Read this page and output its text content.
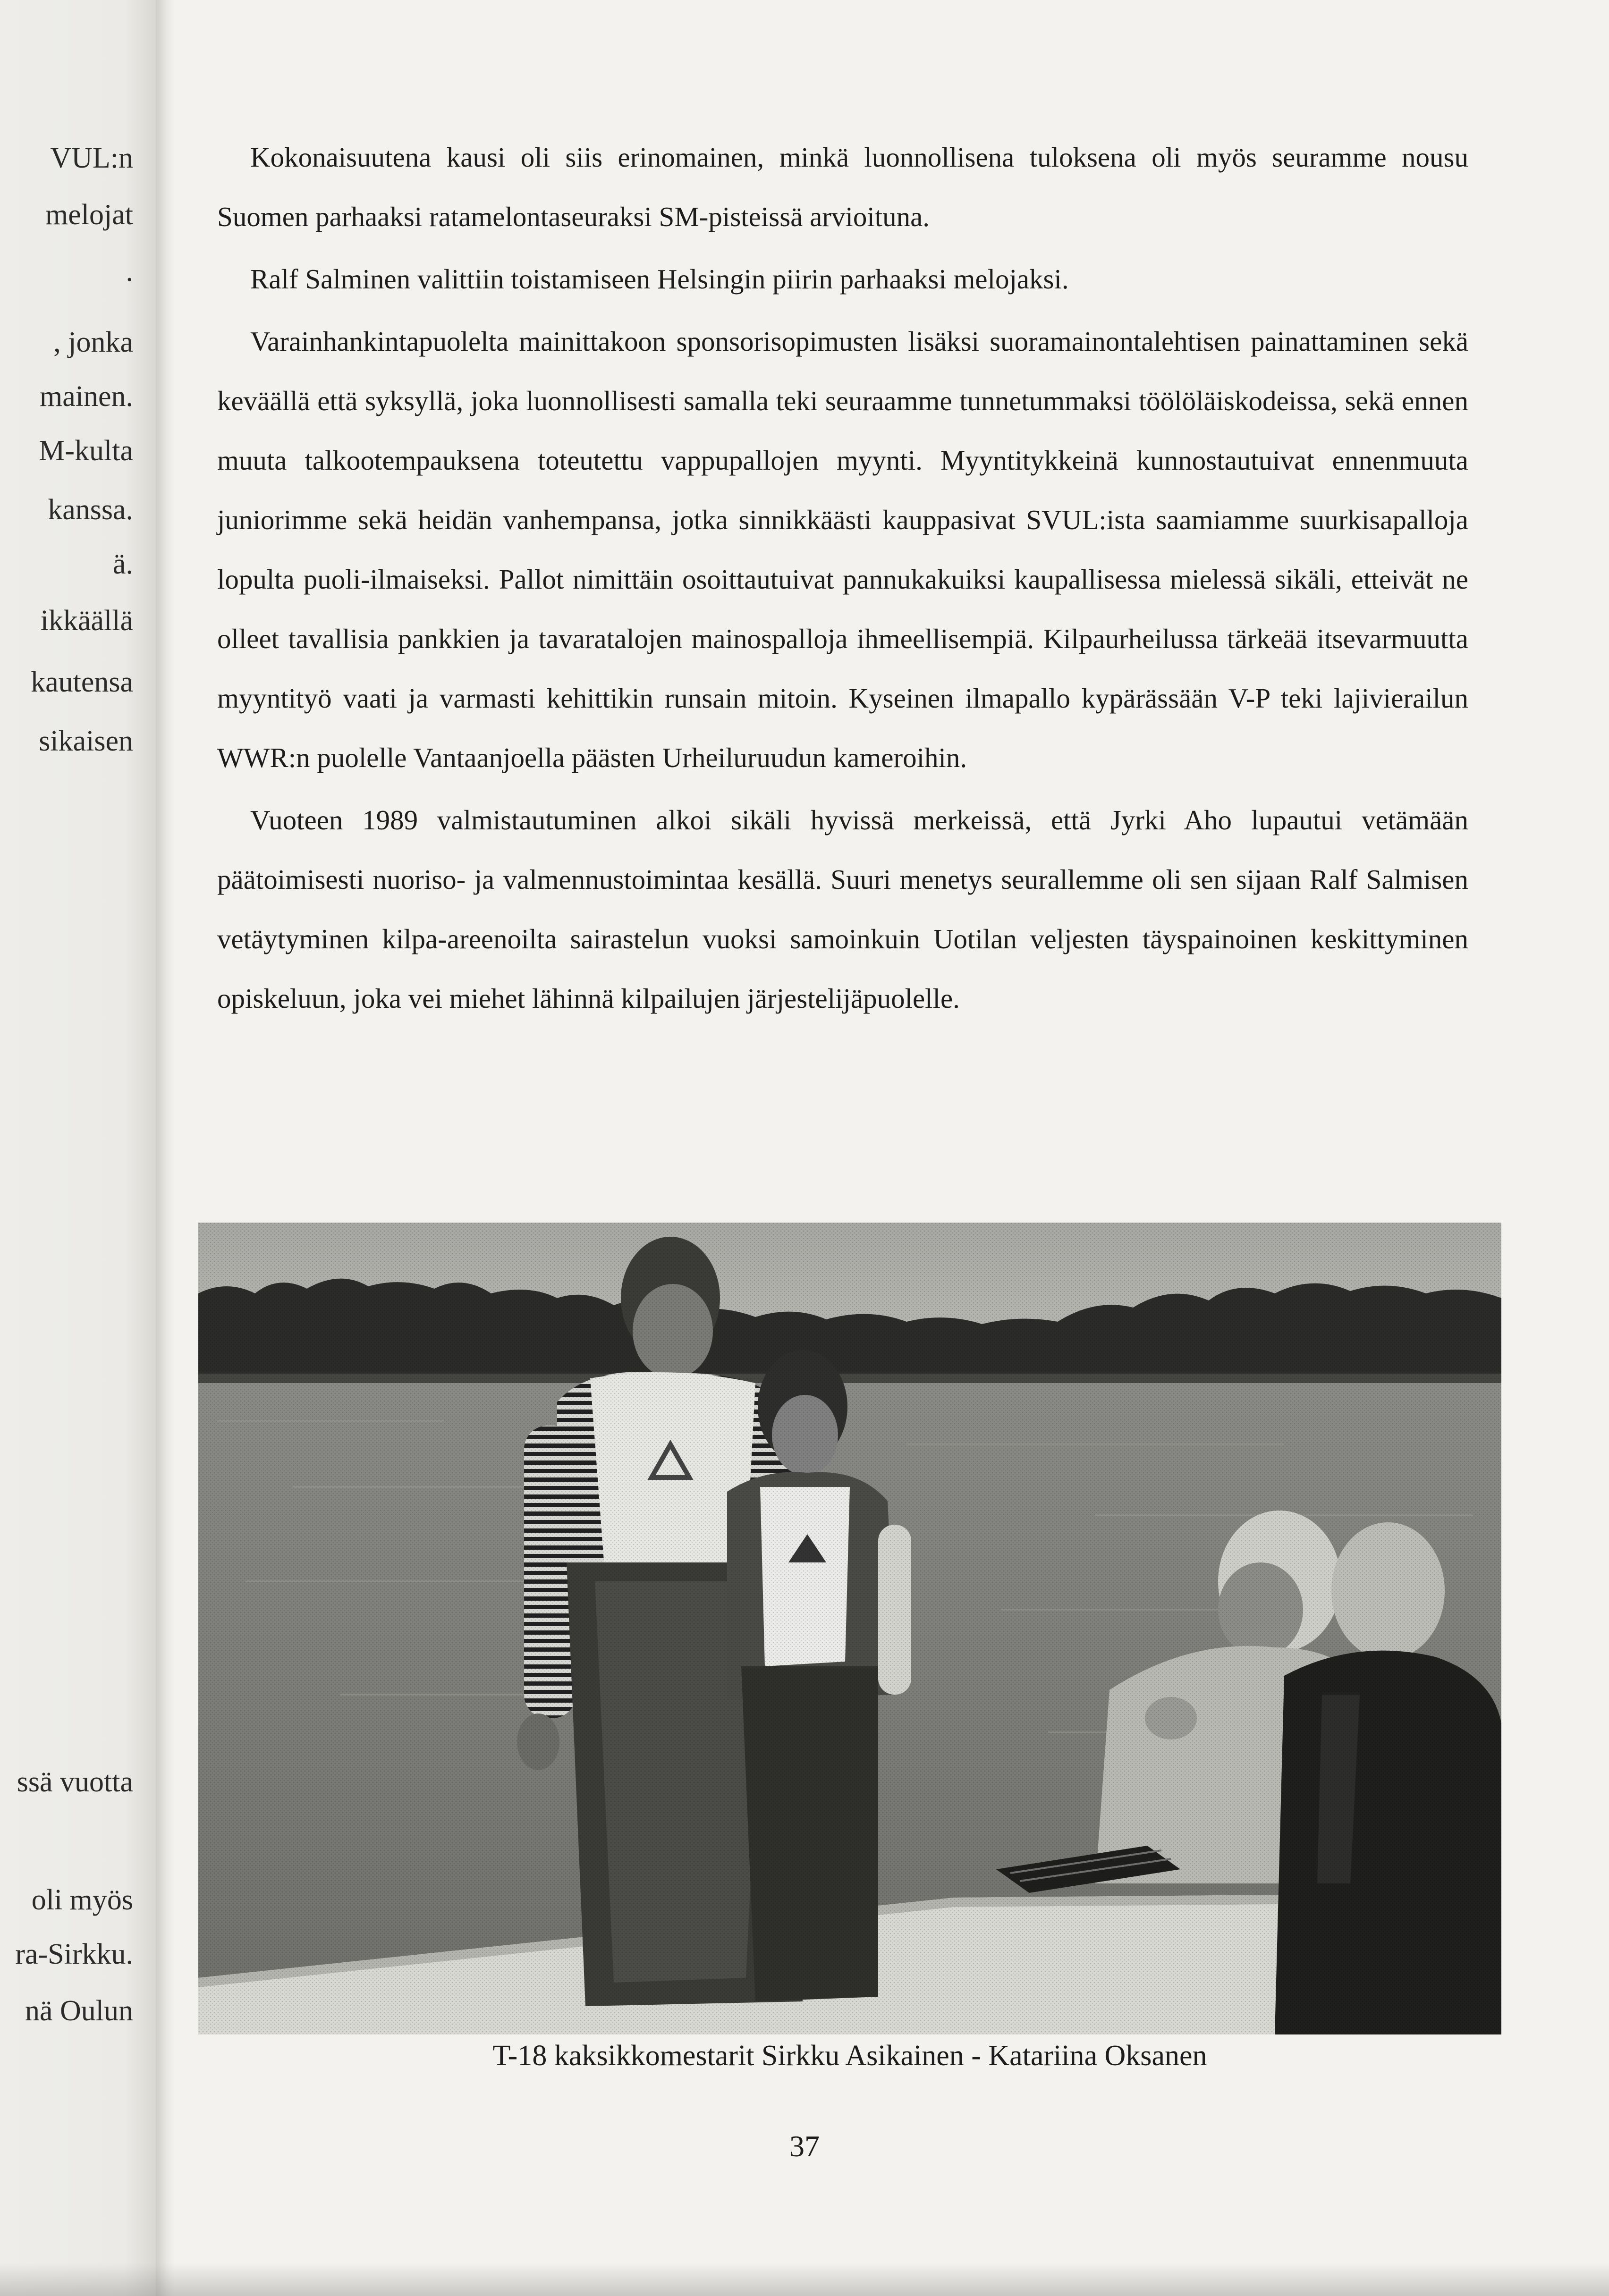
VUL:n
melojat
.
, jonka
mainen.
M-kulta
kanssa.
ä.
ikkäällä
kautensa
sikaisen
ssä vuotta
oli myös
ra-Sirkku.
nä Oulun

Kokonaisuutena kausi oli siis erinomainen, minkä luonnollisena tuloksena oli myös seuramme nousu Suomen parhaaksi ratamelontaseuraksi SM-pisteissä arvioituna.

Ralf Salminen valittiin toistamiseen Helsingin piirin parhaaksi melojaksi.

Varainhankintapuolelta mainittakoon sponsorisopimusten lisäksi suoramainontalehtisen painattaminen sekä keväällä että syksyllä, joka luonnollisesti samalla teki seuraamme tunnetummaksi töölöläiskodeissa, sekä ennen muuta talkootempauksena toteutettu vappupallojen myynti. Myyntitykkeinä kunnostautuivat ennenmuuta juniorimme sekä heidän vanhempansa, jotka sinnikkäästi kauppasivat SVUL:ista saamiamme suurkisapalloja lopulta puoli-ilmaiseksi. Pallot nimittäin osoittautuivat pannukakuiksi kaupallisessa mielessä sikäli, etteivät ne olleet tavallisia pankkien ja tavaratalojen mainospalloja ihmeellisempiä. Kilpaurheilussa tärkeää itsevarmuutta myyntityö vaati ja varmasti kehittikin runsain mitoin. Kyseinen ilmapallo kypärässään V-P teki lajivierailun WWR:n puolelle Vantaanjoella päästen Urheiluruudun kameroihin.

Vuoteen 1989 valmistautuminen alkoi sikäli hyvissä merkeissä, että Jyrki Aho lupautui vetämään päätoimisesti nuoriso- ja valmennustoimintaa kesällä. Suuri menetys seurallemme oli sen sijaan Ralf Salmisen vetäytyminen kilpa-areenoilta sairastelun vuoksi samoinkuin Uotilan veljesten täyspainoinen keskittyminen opiskeluun, joka vei miehet lähinnä kilpailujen järjestelijäpuolelle.

T-18 kaksikkomestarit Sirkku Asikainen - Katariina Oksanen
37
